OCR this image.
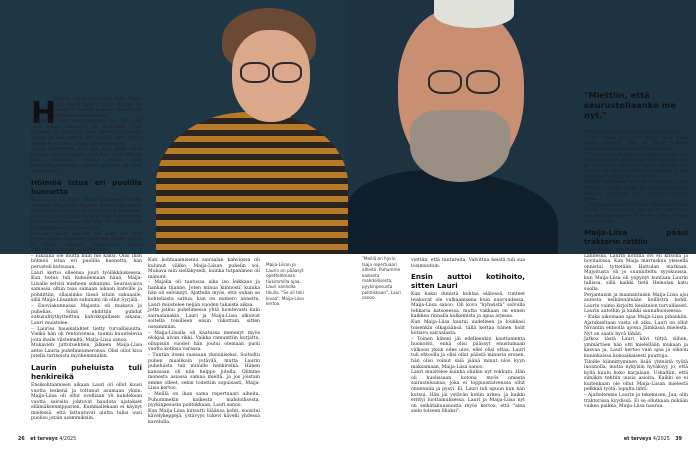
H

opsinta, miten ilooin sain häät, Maija-Liisa Smidt mietti. Lauri Syrjälä oli suattanut häneet koittain silkosivella yllättäneet suudelmalla.

– Miettiin, että seurustellaanko me nyt. Olin ylitä aikaa hämillään ja ihastunut. Vain yhteinen oli kentänyt mitä vuoden ja tunsin: Lauria ja sen vertaa, että tiedän hart tiimän olevan hyvä kettu, Maija-Liisa muistelee.

Lauria hykerryttti, kun hän ajeli kohti omaa kotiaan. Oliväl sentään ollut ihan yhtä rakkaan kuin museona, mutta kyllä vain kauhkymppiäessikin omassa sudelma oli ollen muksa jotta.

Hölmöä istua eri puolilla huonetta

Maija-Liisa ja Lauri olivat tavanneet vuotta aiemmin Pääjärvän Kunnan kotiin kokoustaan Maija-Liisa oli kuutunut ja murtunut numeessa, ja se oli Lauri koluan tu. Hän haki herätekselle kahvimukin tallessa, että pää oli raahottavien ja kippuläkkeisiin kokouksiin.

Samaan aikaan Laurikin tuli kahvi llle. Hän näytti välistä hapuillen mietivän, minne istuun ja valitsi kanssa. Maija-Liisa kutsui tunnettumattoman ansaitsemiin.

– Eikäällä ole mutta kuin me kaksi. Olisi ihan hölmöä istua eri puolilla huonetta, hän perusteli kutsuaan.

Lauri kertoi olleensa juuri työläkkäuksessa. Kun hotus tuli huhuilemaan hänä, Maija-Liisalle selvisi mieheen sukunimi. Seurusvaiva samassa oltiin taas samaan aikaan kahville ja pohdittiin, ollaisiinko tässä istuin sukuaaile, sillä Maija-Liisankin sukunimi oli ollut Syrjälä.

– Enoviakunnassa Majanta oli mukava ja puhelias. Siinä ehdittiin puhdut sukusuhtytkyttelttuu kahvikupillisen aikana, Lauri muistelee.

– Lauriss hauskatahtet tietty turvallisuutta. Vielkä hän oli rentoiviensa, tuumii kuuntelevia joita ihaile viistemeltä, Maija-Liisa sanoo.

Mukavien juttutuehtien jälkeen Maija-Liisa antoi Lauria puhelinnumeronsa. Olisi ollut kiva jutella tarinoista myöhemminkin.

Laurin puheluista tuli henkireikä

Ensikohtaamisen aikaan Lauri oli ollut kuusi vuotta leskenä ja tottunut asumaan yksin. Maija-Liisa oli ollut ovelliaan yli kahdeksan vuotta sairaita johtuvat hauduta ajatakset ellämäksenmpparien. Kummallekaan ei käynyt mielessä, että lattuutuvat aiutta tulisi uusi puoliso jotain asemmiksiin.

Kuti kohtaaamisenia sairaalan kahviossa oli kulunut viikko, Maija-Liisan puhelin soi. Mukava niin sielläkyselli, kuinka tutpanimen oli mänunt.

– Majalla oli taatussa aika iso leikkaus ja hankala tilanne. Joten minua kiinnosti, kuinka hän oli selvinnyt. Ajattelin myös, että onhan se kohteliasta sattua, kun on numero annettu, Lauri muistelee neljän vuoden takaista aikaa.

Jotta jatkui puhelimessa yhtä luontevasti kuin sairaalanakin. Lauri ja Maija-Liisa alkoivat soitella toisilleen ensin viikottain, sitten useammiiin.

– Maija-Liisalla oli kaatussa menenyt myös elokjaä aivan rikki. Vaikka ramunttiin korjattu, ollupisiin vuodet hän joutui olemaan puoli vuotta kotinsa varassa.

– Tuntiin itseni raaisaan yksinäiseksi. Soitoiltu puhen mualikoin ystävää, mutta Laurin puheluista tuli minulle henkireikä. Hänen kanssaan oli niin helppo jutella. Olimme monesta asiassa samaa mieltä, ja jos joistain emme olleet, sekin todettiin sopuisasti, Maija-Liisa kertoo.

– Meillä on ihan sama repertuaari aiheita. Puhummekin kaikesta mahdollisesta, pyykinpesusta politiikkaan, Lauri sanoo.

Kun Maija-Liisa kutsutti liiäänsa kohti, suositui kävelykeppejä, ystävyys tukevi kävelli yhdessä kavelulla.

Maija-Liisan ja Laurin on pääasyt opettelemaan tiukimmilla ajaa. Lauri vanholla tikulla. "Se oli toki kivaa", Maija-Liisa kertoo.
26 et terveys 4/2025
"Miettiin, että seurustellaanko me nyt."

viettiin, että tuntureita. Valvittua heistä tuli sua tosimuutoin.

Ensin auttoi kotihoito, sitten Lauri

Kun kaksi ihmistä kohtaa elätessä, tunteet leiskuvat ole vulkaanisena kuin nuoruudessa, Maija-Liisa sanoo. Oli kova "kyhwistä" solvulla tehkaria katsoeessa, mutta vakkaan on ennen kaikkea rinnalla kulkemista ja apua arjessa.

Kun Maija-Liisa kautui uudelleen ja loukkasi toisenkin olkapäänsä, tällä kertaa hänen holit kotiavu sairaalasta.

– Toinen käteni jäi edelleenkin kauttamenta huonolsti, enkä olisi päässyt enustumaan välkoon yksin edes ulos, ellei olisi ottaa. Lauri tuli ehtoolla ja olisi ollut päästä minusta erosen, hän olisi voinut saiä jäänä minut ulos kyyn maksamaan, Maija-Liisa sanoo.

Lauri muistelee kuinka olinkin nyt vokkutu. Hän oli huolissaan kotona myös omasta sairasteluunsa, joka ei toppuustalvenssa ollut onnenniin ja pysyi. Ei, Lauri tuli apuun kun hän kutsui. Hän jäi ystävän kotiin arkea, ja kaikki erittyi luottamuksessa. Lauri ja Maija-Liisa nyt on selkätakuuisuutta myös kertoa, että "aina sielu toiseen lihaksi".

"Meillä on hyvin laaja repertuaari aiheita. Puhumme kaikesta mahdollisesta, pyykinpesusta politiikkaan", Lauri sanoo.

Mutta Lauri voi kuntsa Mailankin apuun.

– Jos vaikka sairaatun, Maija osaa pitää minun puolani. Hän on hyvin tarkana sähköasiain asiointineen, Lauri kertoo.

– Tietenkö on kolmasnin Majkan seura. Ovi mukavaa. Kun lähellä on samanmautainen ja ajatteleva ihminen, joska kanssa voi jutella. Se pitää henkisesti virkeänä ja tuo elämään sisältöä, Lauri sanoo.

Lisäksi molemmat pitävät ajatuksesta, että tarvitse vastata yksin. Ei ole paikko tehdä kaikkia päätöksiä eikä kantaa vastuuta yksin.

– Vanhenemineen ei pelota niin paljon, kun tietää, että on toinen, joka pystyy sen. Lauri saa kulkuvarusteen ja ei ole yksin, Maija-Liisa sanoo.

Maija-Liisa pääsi traktorin rattiin

Parisuhtaan tutustuneen Maija-Liisa asui Lahdessa, Laurin kotitila ovi eli kitsolla ja hovitalossa. Kun Maija marraskuu yleisellä onnistui tyttetään Hattulan matkaan. Majoitusta oli jo suunniteltu syyskuussa, kun Maija-Liisa oli yöpynyt kuntaan Laurin tallissa, sillä kaikki tietä Heinolan katu suolla.

Perjantaisin ja maanantaisin Maija-Liisa ajoi autosta nelhännämään koillistra kohti. Laurin vaimo kirjoitti kesätalon turvallisesti. Laurin autoihin ja kaikki saunahuoneessa.

– Kuka aikoinaan ajaa Maija-Liisa pihankiin. Ajatukseltaan vasta oli aika. Lauri on ollut Nivantin ehtoolla ajossa Jämkässä mielestä. Nyt on saatu hyvä tähän.

Jatkoa tästä Lauri kävi tiltyä siihen, ymmärtäen hän otti mielellään mukaan ja kasvaa ja. Lauri kertoo vain ajaa ja olkoon kuninkaissa kokoaikaisesti puuttuja.

Tiloille kiinnittyminen lisää yhteistä työtä luonnolla, mutta nykyisin hyväksyy jo, että kyllä kuulu koko karjalaan. Uskaltiin, että siinäkin tehtiin uusia asioita. Kaikki se ei kuitenkaan ole ollut Maija-Liisan mielestä pelkkää työtä: lopulta lähti.

– Ajattelemme Laurin ja tekemisen. Juu, olin traktorissa kyydissä. Ei se ollutkaan mikään vaikea paikka, Maija-Liisa nauraa.

et terveys 4/2025 39
